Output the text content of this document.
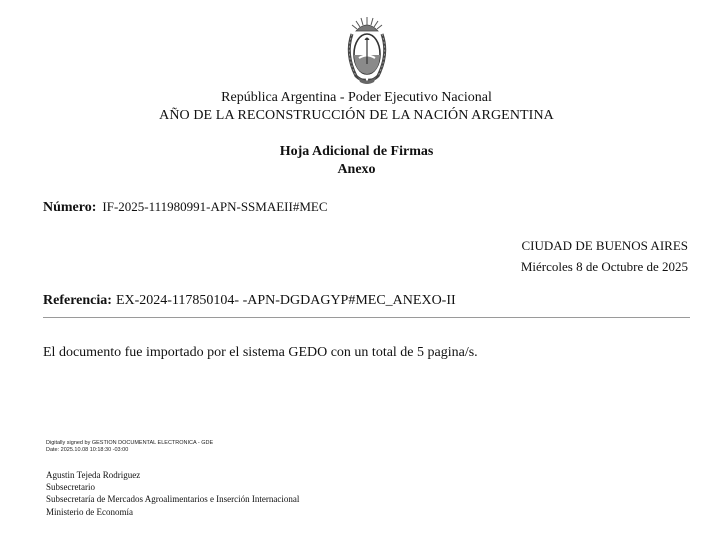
República Argentina - Poder Ejecutivo Nacional
AÑO DE LA RECONSTRUCCIÓN DE LA NACIÓN ARGENTINA
Hoja Adicional de Firmas
Anexo
Número: IF-2025-111980991-APN-SSMAEII#MEC
CIUDAD DE BUENOS AIRES
Miércoles 8 de Octubre de 2025
Referencia: EX-2024-117850104- -APN-DGDAGYP#MEC_ANEXO-II
El documento fue importado por el sistema GEDO con un total de 5 pagina/s.
Digitally signed by GESTION DOCUMENTAL ELECTRONICA - GDE
Date: 2025.10.08 10:18:30 -03:00
Agustin Tejeda Rodriguez
Subsecretario
Subsecretaría de Mercados Agroalimentarios e Inserción Internacional
Ministerio de Economía
